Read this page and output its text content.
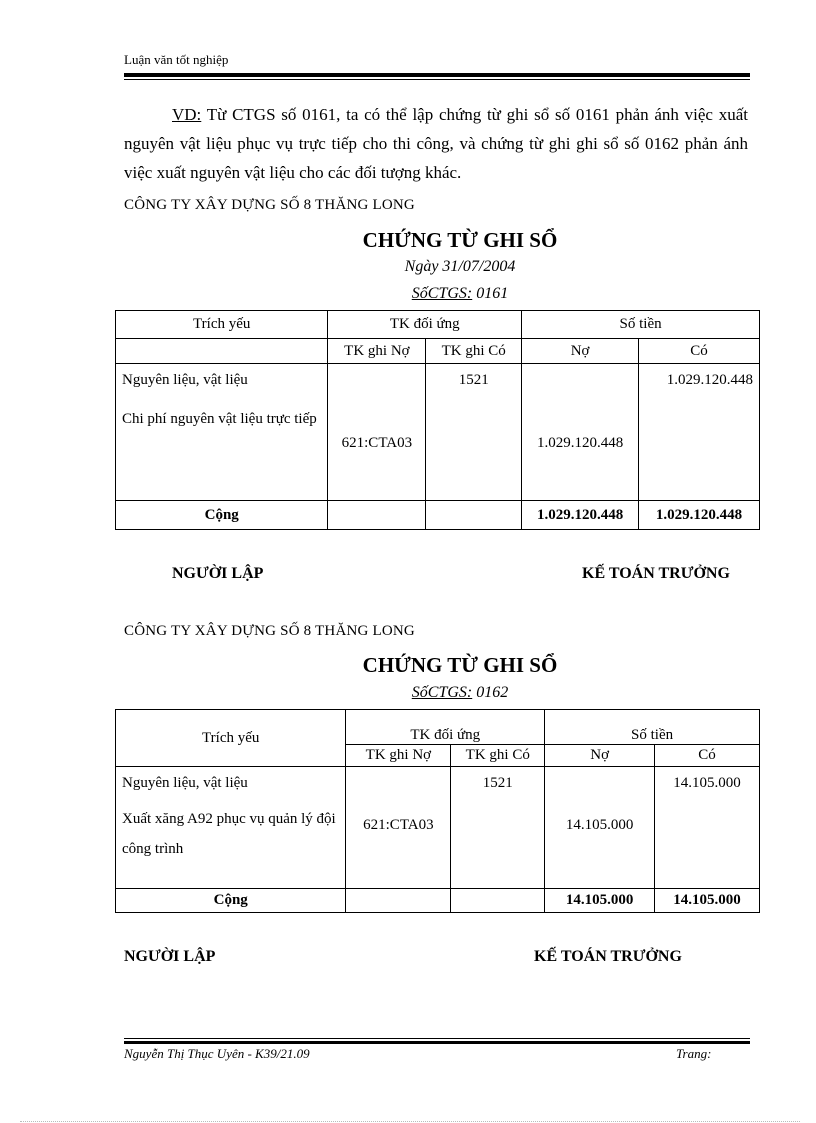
Luận văn tốt nghiệp
VD: Từ CTGS số 0161, ta có thể lập chứng từ ghi sổ số 0161 phản ánh việc xuất nguyên vật liệu phục vụ trực tiếp cho thi công, và chứng từ ghi ghi sổ số 0162 phản ánh việc xuất nguyên vật liệu cho các đối tượng khác.
CÔNG TY XÂY DỰNG SỐ 8 THĂNG LONG
CHỨNG TỪ GHI SỔ
Ngày 31/07/2004
SốCTGS: 0161
Trích yếu	TK đối ứng		Số tiền	
	TK ghi Nợ	TK ghi Có	Nợ	Có

Nguyên liệu, vật liệu
Chi phí nguyên vật liệu trực tiếp	621:CTA03	1521	1.029.120.448	1.029.120.448
Cộng			1.029.120.448	1.029.120.448
NGƯỜI LẬP	KẾ TOÁN TRƯỞNG
CÔNG TY XÂY DỰNG SỐ 8 THĂNG LONG
CHỨNG TỪ GHI SỔ
SốCTGS: 0162
Trích yếu	TK đối ứng		Số tiền	
	TK ghi Nợ	TK ghi Có	Nợ	Có

Nguyên liệu, vật liệu
Xuất xăng A92 phục vụ quản lý đội công trình	621:CTA03	1521	14.105.000	14.105.000
Cộng			14.105.000	14.105.000
NGƯỜI LẬP	KẾ TOÁN TRƯỞNG
Nguyễn Thị Thục Uyên - K39/21.09	Trang:
